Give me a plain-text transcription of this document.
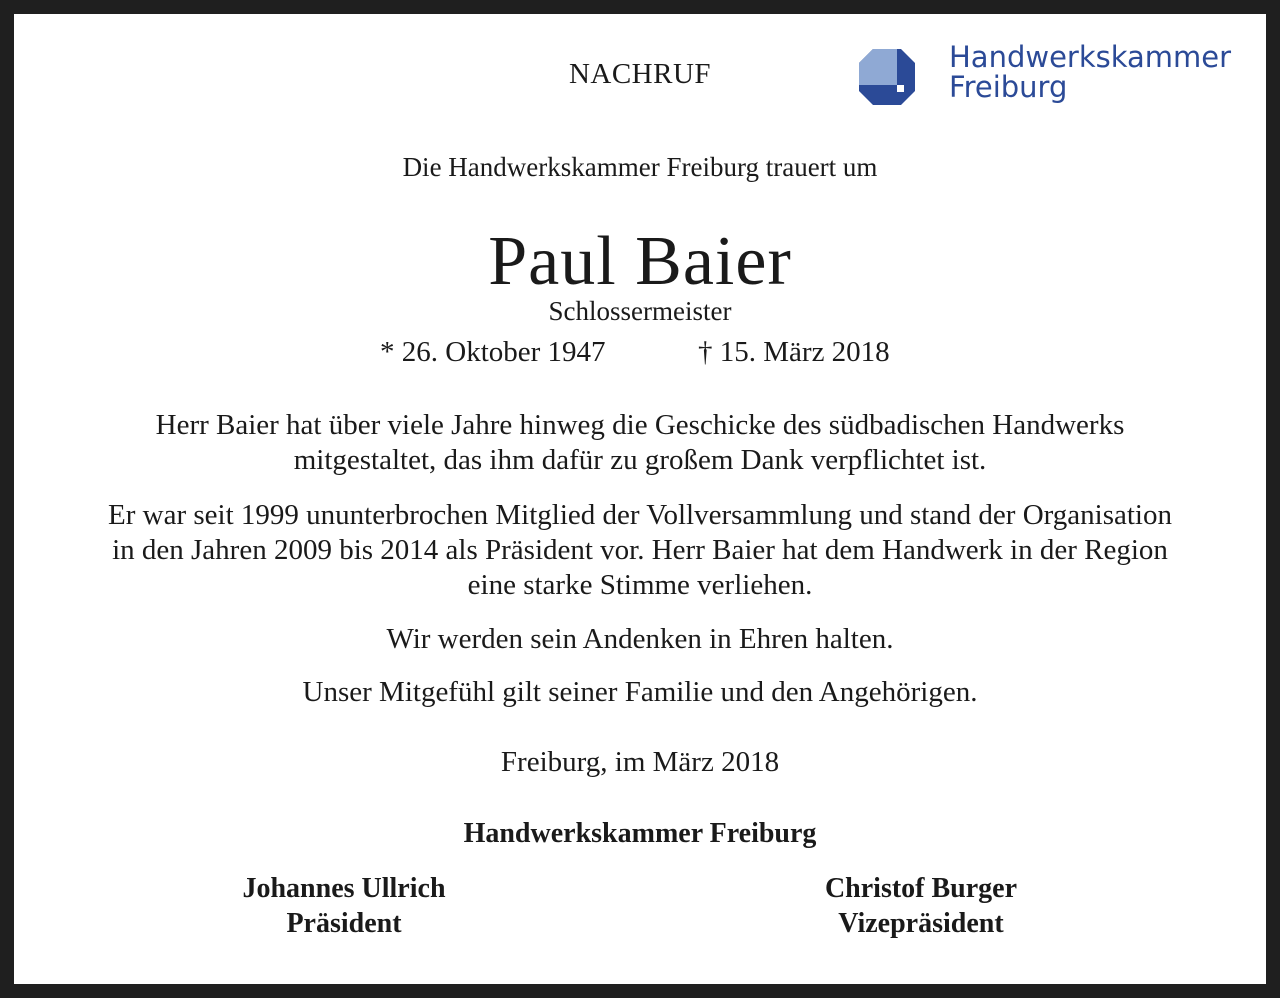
NACHRUF	Handwerkskammer
Freiburg
Die Handwerkskammer Freiburg trauert um
Paul Baier
Schlossermeister
* 26. Oktober 1947	† 15. März 2018
Herr Baier hat über viele Jahre hinweg die Geschicke des südbadischen Handwerks
mitgestaltet, das ihm dafür zu großem Dank verpflichtet ist.
Er war seit 1999 ununterbrochen Mitglied der Vollversammlung und stand der Organisation
in den Jahren 2009 bis 2014 als Präsident vor. Herr Baier hat dem Handwerk in der Region
eine starke Stimme verliehen.
Wir werden sein Andenken in Ehren halten.
Unser Mitgefühl gilt seiner Familie und den Angehörigen.
Freiburg, im März 2018
Handwerkskammer Freiburg
Johannes Ullrich
Präsident
Christof Burger
Vizepräsident
